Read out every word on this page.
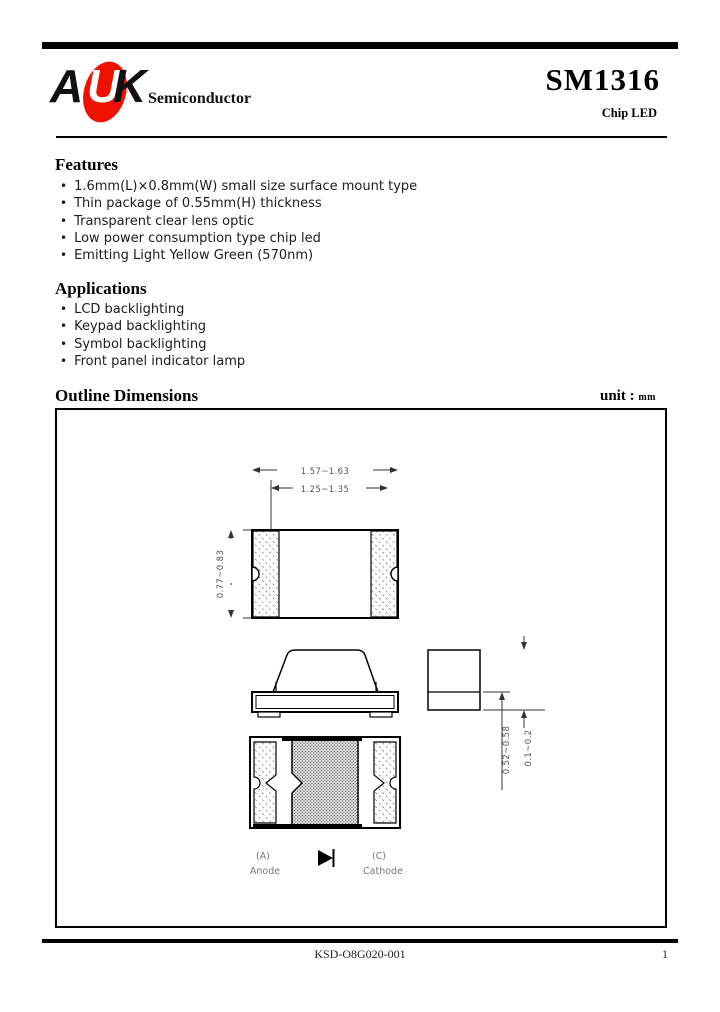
A U
K Semiconductor
SM1316
Chip LED
Features
• 1.6mm(L)×0.8mm(W) small size surface mount type
• Thin package of 0.55mm(H) thickness
• Transparent clear lens optic
• Low power consumption type chip led
• Emitting Light Yellow Green (570nm)
Applications
• LCD backlighting
• Keypad backlighting
• Symbol backlighting
• Front panel indicator lamp
Outline Dimensions	unit : mm
1.57~1.63
1.25~1.35
0.77~0.83
0.52~0.58 0.1~0.2
(A)
Anode
(C)
Cathode
KSD-O8G020-001	1
